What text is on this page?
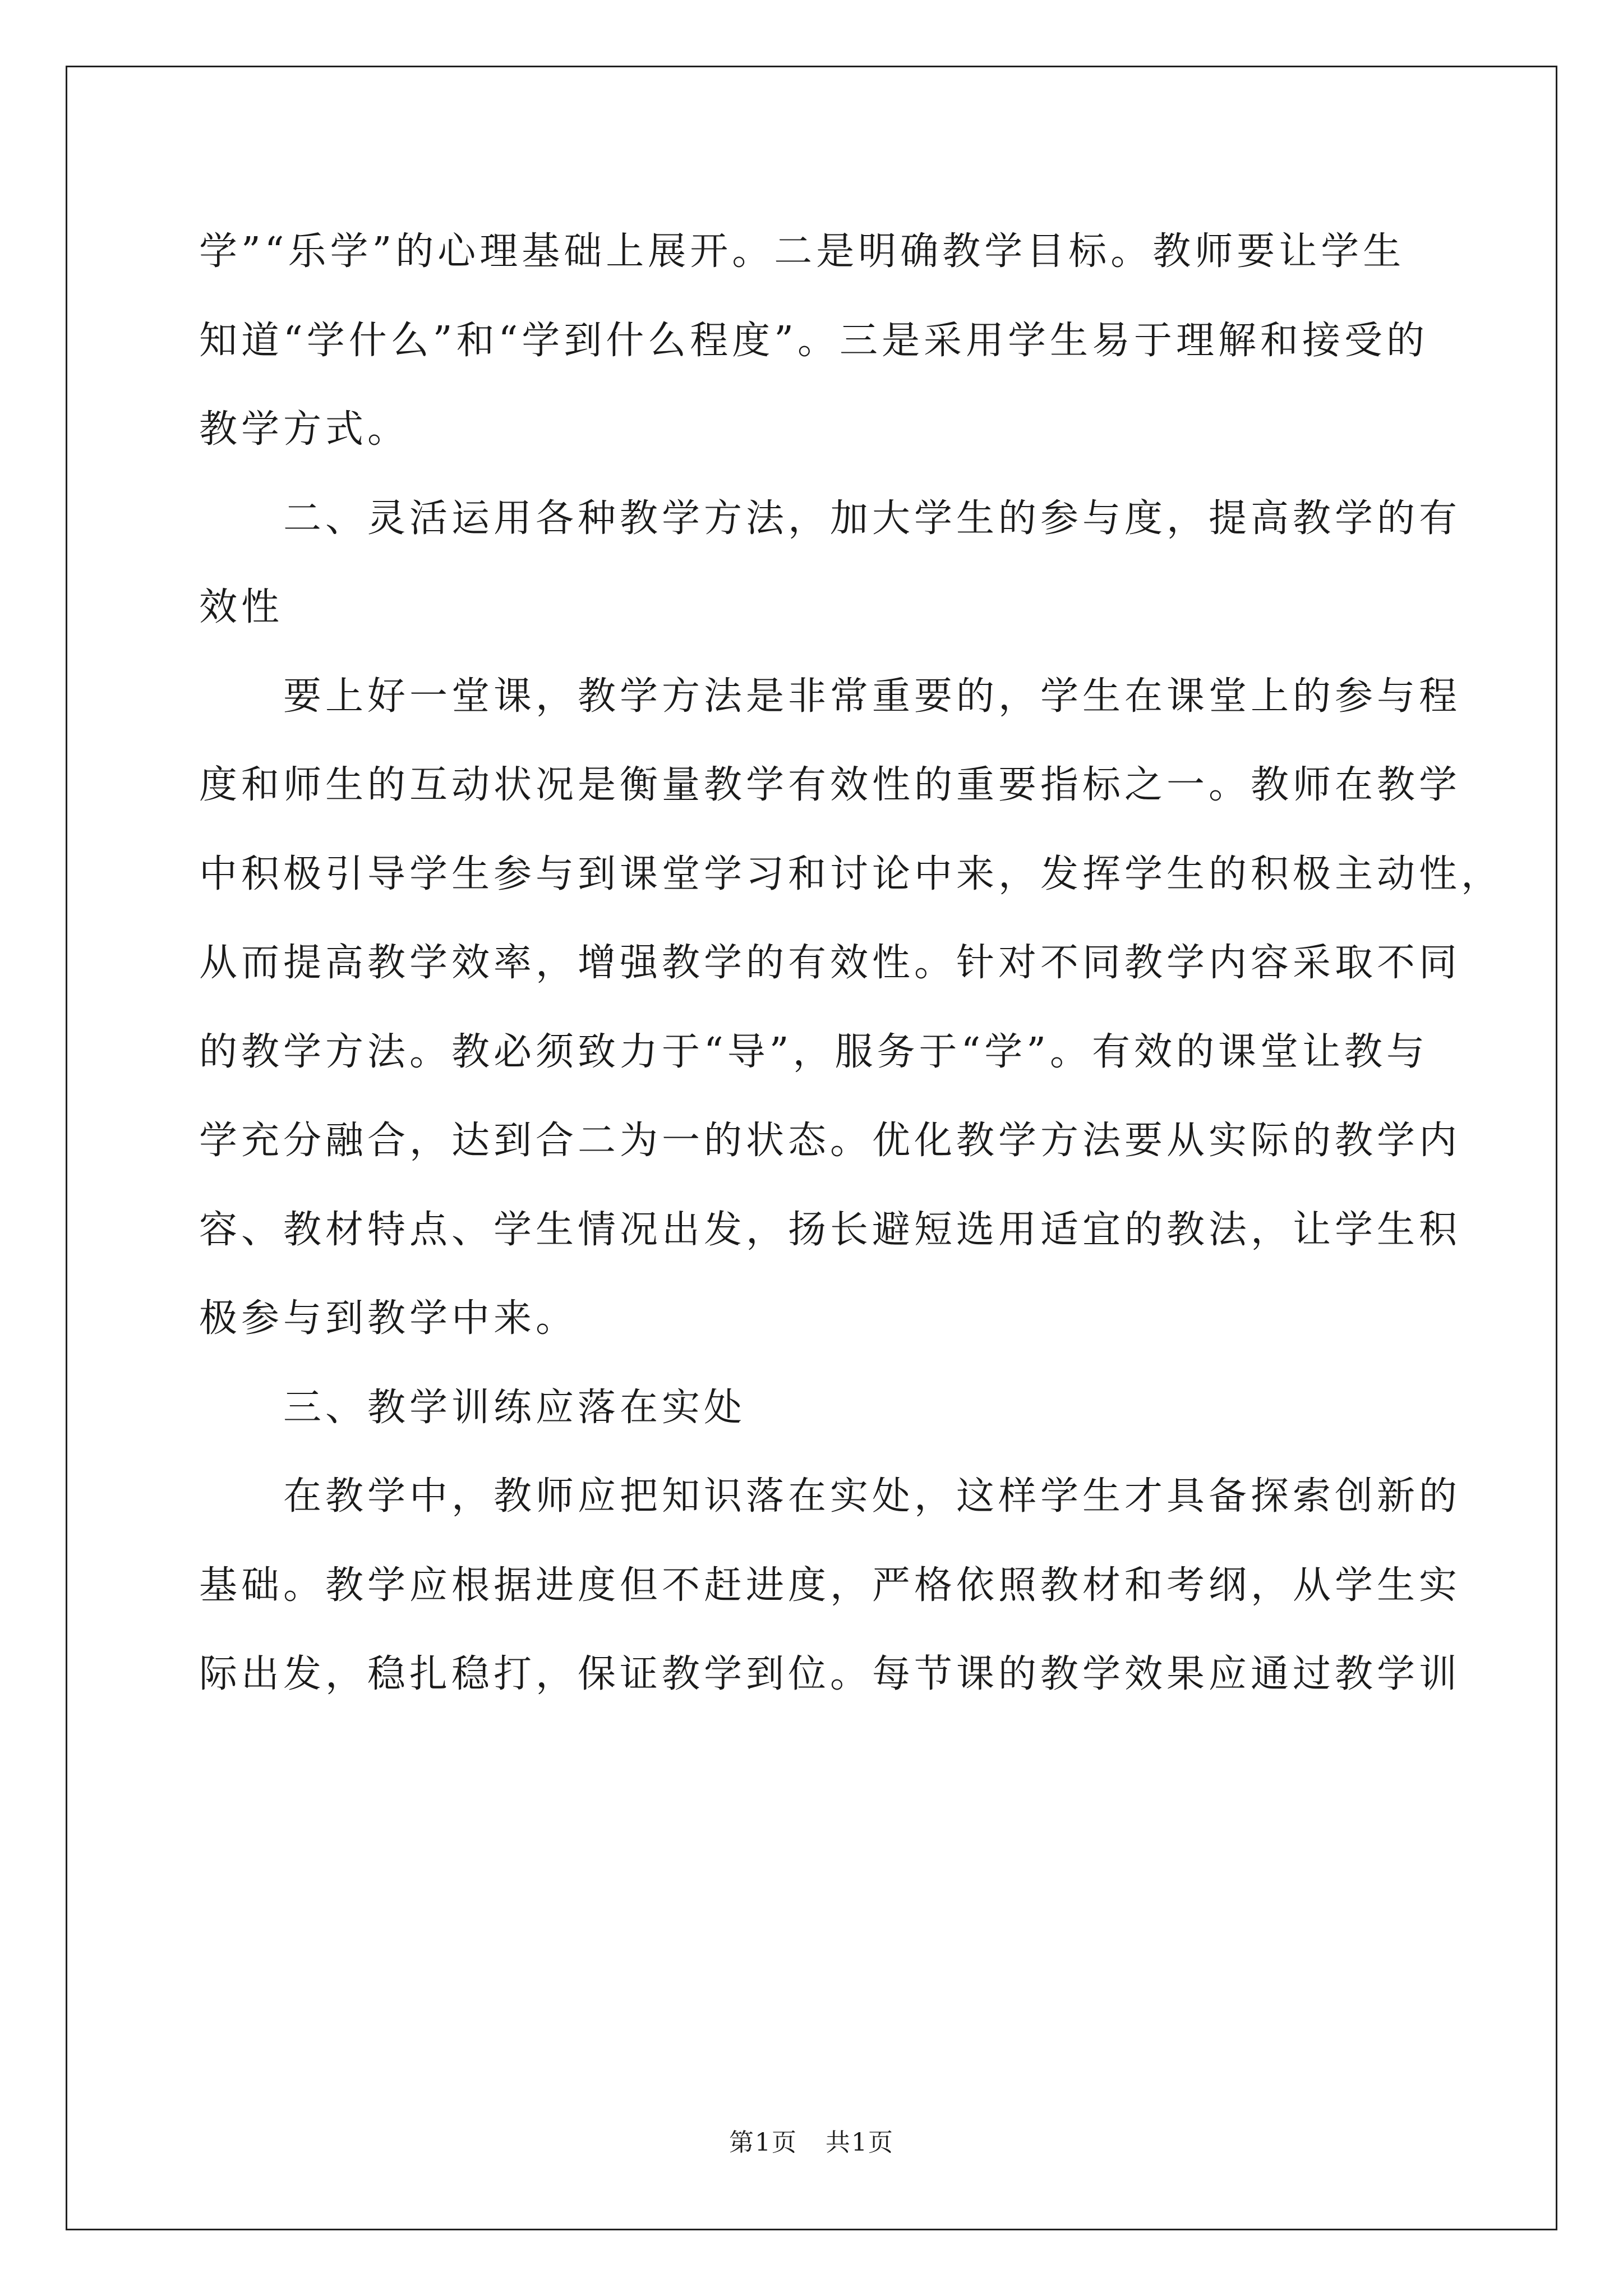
学”“乐学”的心理基础上展开。二是明确教学目标。教师要让学生
知道“学什么”和“学到什么程度”。三是采用学生易于理解和接受的
教学方式。
二、灵活运用各种教学方法，加大学生的参与度，提高教学的有
效性
要上好一堂课，教学方法是非常重要的，学生在课堂上的参与程
度和师生的互动状况是衡量教学有效性的重要指标之一。教师在教学
中积极引导学生参与到课堂学习和讨论中来，发挥学生的积极主动性，
从而提高教学效率，增强教学的有效性。针对不同教学内容采取不同
的教学方法。教必须致力于“导”，服务于“学”。有效的课堂让教与
学充分融合，达到合二为一的状态。优化教学方法要从实际的教学内
容、教材特点、学生情况出发，扬长避短选用适宜的教法，让学生积
极参与到教学中来。
三、教学训练应落在实处
在教学中，教师应把知识落在实处，这样学生才具备探索创新的
基础。教学应根据进度但不赶进度，严格依照教材和考纲，从学生实
际出发，稳扎稳打，保证教学到位。每节课的教学效果应通过教学训
第1页 共1页
